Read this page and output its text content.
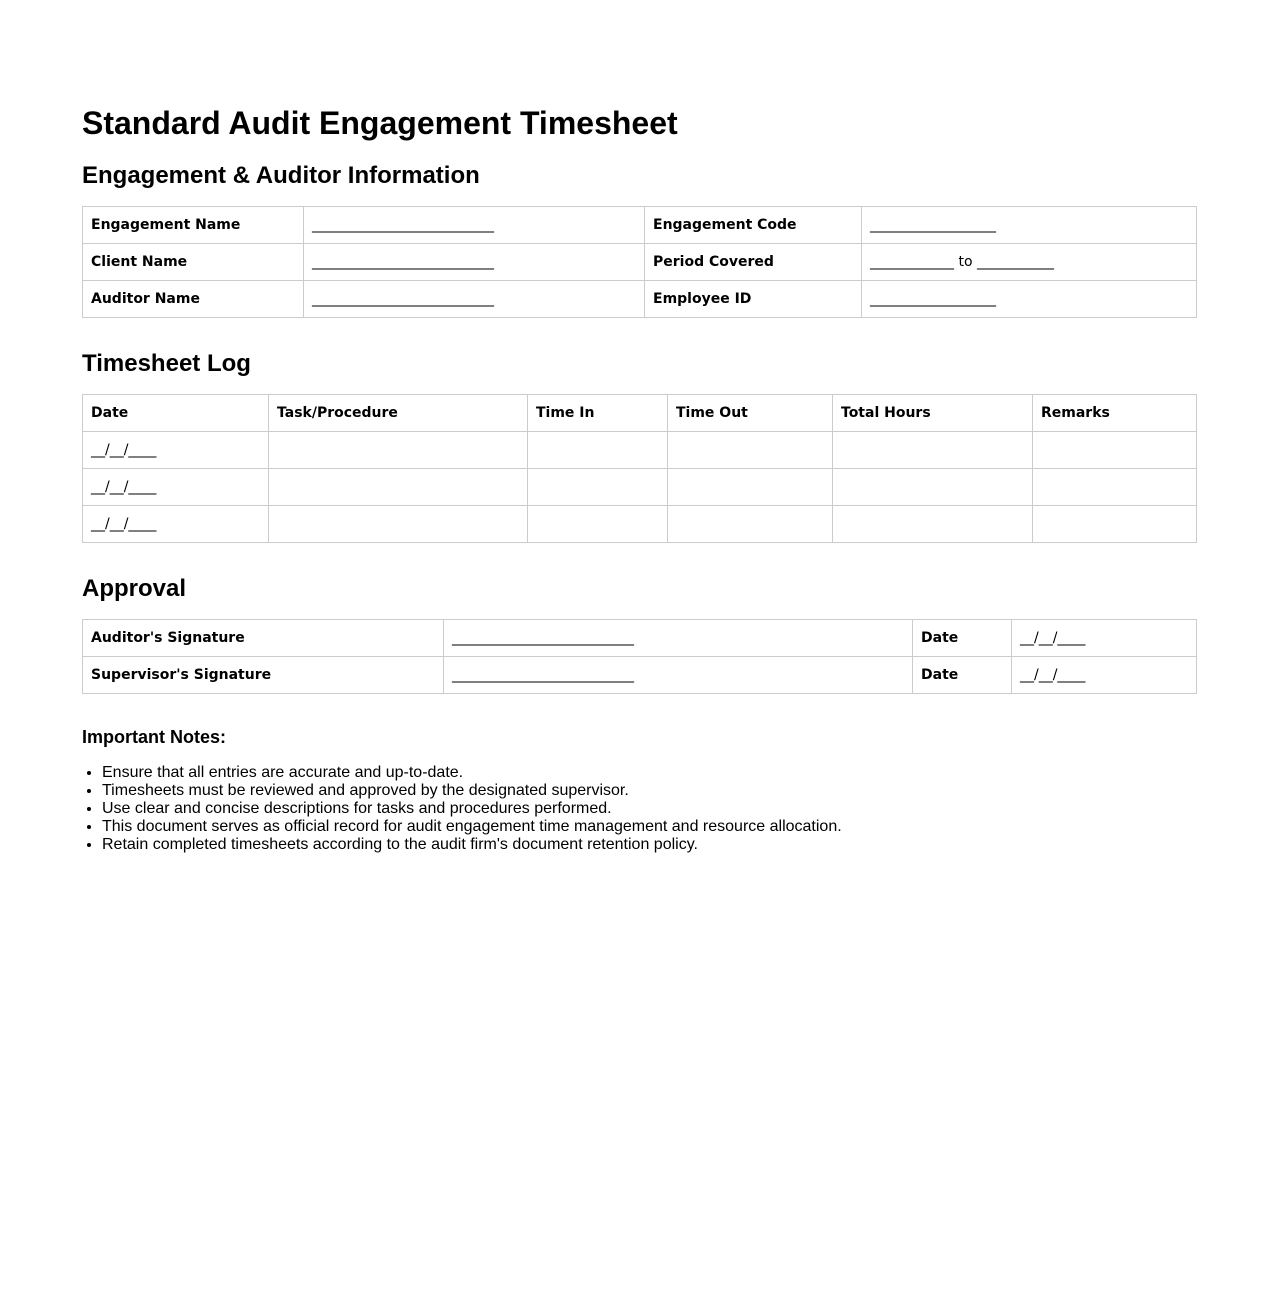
Standard Audit Engagement Timesheet
Engagement & Auditor Information
Engagement Name	__________________________	Engagement Code	__________________
Client Name	__________________________	Period Covered	____________ to ___________
Auditor Name	__________________________	Employee ID	__________________
Timesheet Log
Date	Task/Procedure	Time In	Time Out	Total Hours	Remarks
__/__/____					
__/__/____					
__/__/____					
Approval
Auditor's Signature	__________________________	Date	__/__/____
Supervisor's Signature	__________________________	Date	__/__/____
Important Notes:
• Ensure that all entries are accurate and up-to-date.
• Timesheets must be reviewed and approved by the designated supervisor.
• Use clear and concise descriptions for tasks and procedures performed.
• This document serves as official record for audit engagement time management and resource allocation.
• Retain completed timesheets according to the audit firm's document retention policy.
